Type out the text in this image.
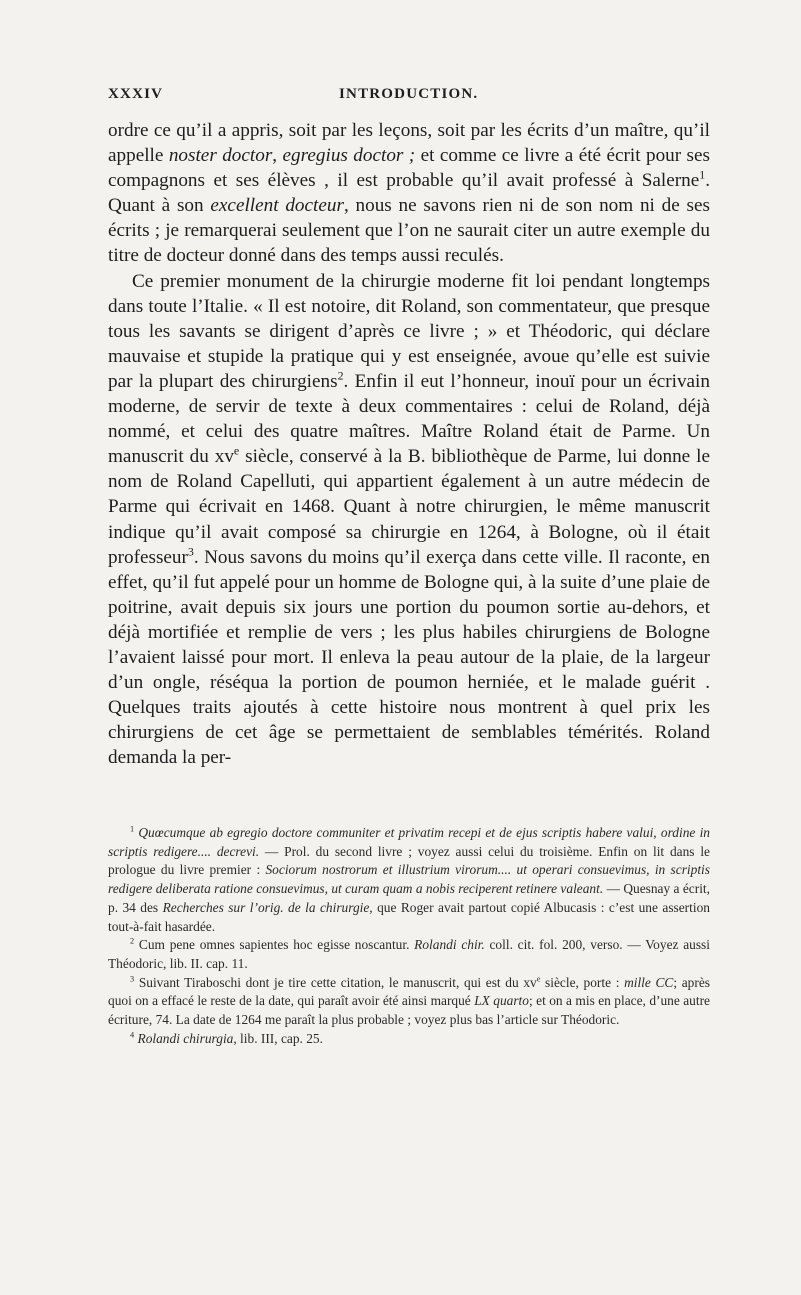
XXXIV	INTRODUCTION.

ordre ce qu’il a appris, soit par les leçons, soit par les écrits d’un maître, qu’il appelle noster doctor, egregius doctor ; et comme ce livre a été écrit pour ses compagnons et ses élèves , il est probable qu’il avait professé à Salerne$^1$. Quant à son excellent docteur, nous ne savons rien ni de son nom ni de ses écrits ; je remarquerai seulement que l’on ne saurait citer un autre exemple du titre de docteur donné dans des temps aussi reculés.

Ce premier monument de la chirurgie moderne fit loi pendant longtemps dans toute l’Italie. « Il est notoire, dit Roland, son commentateur, que presque tous les savants se dirigent d’après ce livre ; » et Théodoric, qui déclare mauvaise et stupide la pratique qui y est enseignée, avoue qu’elle est suivie par la plupart des chirurgiens$^2$. Enfin il eut l’honneur, inouï pour un écrivain moderne, de servir de texte à deux commentaires : celui de Roland, déjà nommé, et celui des quatre maîtres. Maître Roland était de Parme. Un manuscrit du $xv^e$ siècle, conservé à la B. bibliothèque de Parme, lui donne le nom de Roland Capelluti, qui appartient également à un autre médecin de Parme qui écrivait en 1468. Quant à notre chirurgien, le même manuscrit indique qu’il avait composé sa chirurgie en 1264, à Bologne, où il était professeur$^3$. Nous savons du moins qu’il exerça dans cette ville. Il raconte, en effet, qu’il fut appelé pour un homme de Bologne qui, à la suite d’une plaie de poitrine, avait depuis six jours une portion du poumon sortie au-dehors, et déjà mortifiée et remplie de vers ; les plus habiles chirurgiens de Bologne l’avaient laissé pour mort. Il enleva la peau autour de la plaie, de la largeur d’un ongle, réséqua la portion de poumon herniée, et le malade guérit . Quelques traits ajoutés à cette histoire nous montrent à quel prix les chirurgiens de cet âge se permettaient de semblables témérités. Roland demanda la per-

$^1$ Quœcumque ab egregio doctore communiter et privatim recepi et de ejus scriptis habere valui, ordine in scriptis redigere.... decrevi. — Prol. du second livre ; voyez aussi celui du troisième. Enfin on lit dans le prologue du livre premier : Sociorum nostrorum et illustrium virorum.... ut operari consuevimus, in scriptis redigere deliberata ratione consuevimus, ut curam quam a nobis reciperent retinere valeant. — Quesnay a écrit, p. 34 des Recherches sur l’orig. de la chirurgie, que Roger avait partout copié Albucasis : c’est une assertion tout-à-fait hasardée.

$^2$ Cum pene omnes sapientes hoc egisse noscantur. Rolandi chir. coll. cit. fol. 200, verso. — Voyez aussi Théodoric, lib. II. cap. 11.

$^3$ Suivant Tiraboschi dont je tire cette citation, le manuscrit, qui est du $xv^e$ siècle, porte : mille CC; après quoi on a effacé le reste de la date, qui paraît avoir été ainsi marqué LX quarto; et on a mis en place, d’une autre écriture, 74. La date de 1264 me paraît la plus probable ; voyez plus bas l’article sur Théodoric.

$^4$ Rolandi chirurgia, lib. III, cap. 25.
